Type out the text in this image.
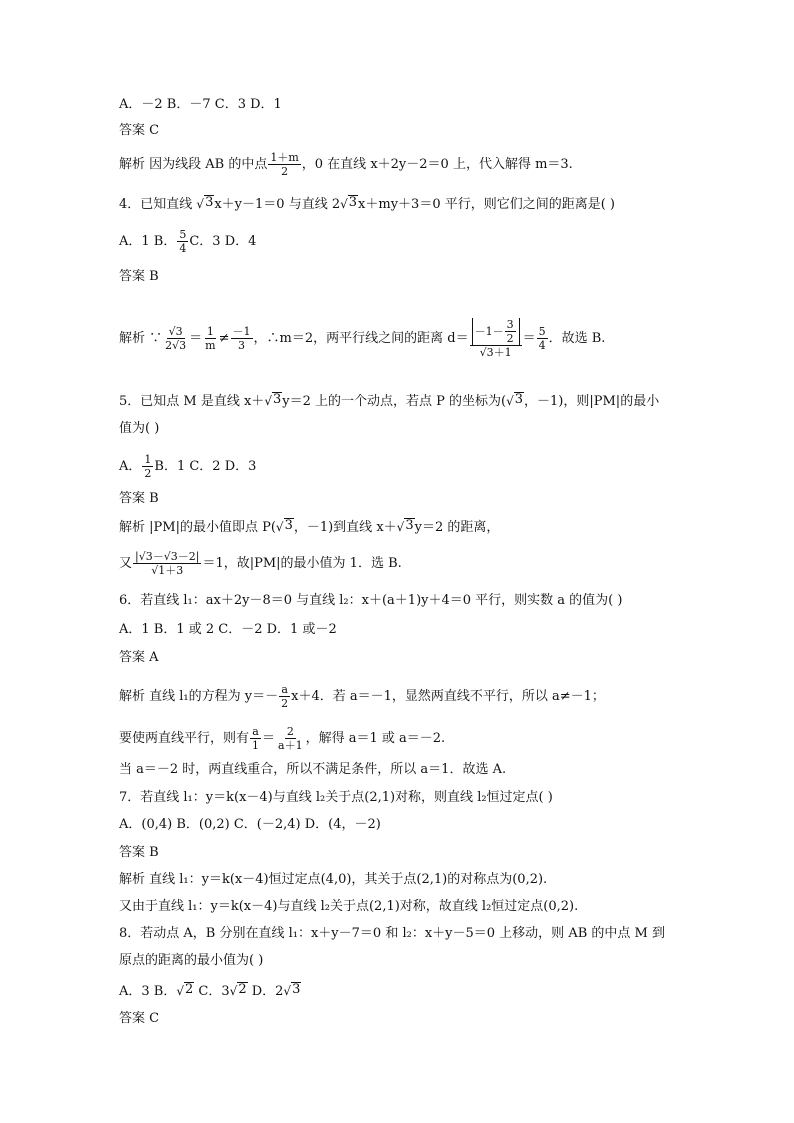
A．－2 B．－7 C．3 D．1
答案 C
解析 因为线段 AB 的中点 $\frac{1+m}{2}$ ，0 在直线 x＋2y－2＝0 上，代入解得 m＝3.
4．已知直线 √ 3 x＋y－1＝0 与直线 2 √ 3 x＋my＋3＝0 平行，则它们之间的距离是( )
A．1 B． $\frac{5}{4}$ C．3 D．4
答案 B
解析 ∵ $\frac{√3}{2√3} = \frac{1}{m} \ne \frac{-1}{3}$ ，∴m＝2，两平行线之间的距离 $d= \frac{-1- \frac{3}{2}}{√3+1} = \frac{5}{4}$ ．故选 B.
5．已知点 M 是直线 x＋ √ 3 y＝2 上的一个动点，若点 P 的坐标为( √ 3 ，－1)，则|PM|的最小
值为( )
A． $\frac{1}{2}$ B．1 C．2 D．3
答案 B
解析 |PM|的最小值即点 P( √ 3 ，－1)到直线 x＋ √ 3 y＝2 的距离，
又 $\frac{|√3-√3-2|}{√1+3} =1$，故|PM|的最小值为 1．选 B.
6．若直线 l₁：ax＋2y－8＝0 与直线 l₂：x＋(a＋1)y＋4＝0 平行，则实数 a 的值为( )
A．1 B．1 或 2 C．－2 D．1 或－2
答案 A
解析 直线 l₁的方程为 $y=- \frac{a}{2} x+4$．若 a＝－1，显然两直线不平行，所以 a≠－1；
要使两直线平行，则有 $\frac{a}{1} = \frac{2}{a+1}$ ，解得 a＝1 或 a＝－2.
当 a＝－2 时，两直线重合，所以不满足条件，所以 a＝1．故选 A.
7．若直线 l₁：y＝k(x－4)与直线 l₂关于点(2,1)对称，则直线 l₂恒过定点( )
A．(0,4) B．(0,2) C．(－2,4) D．(4，－2)
答案 B
解析 直线 l₁：y＝k(x－4)恒过定点(4,0)，其关于点(2,1)的对称点为(0,2).
又由于直线 l₁：y＝k(x－4)与直线 l₂关于点(2,1)对称，故直线 l₂恒过定点(0,2).
8．若动点 A，B 分别在直线 l₁：x＋y－7＝0 和 l₂：x＋y－5＝0 上移动，则 AB 的中点 M 到
原点的距离的最小值为( )
A．3 B． √ 2 C．3 √ 2 D．2 √ 3
答案 C
